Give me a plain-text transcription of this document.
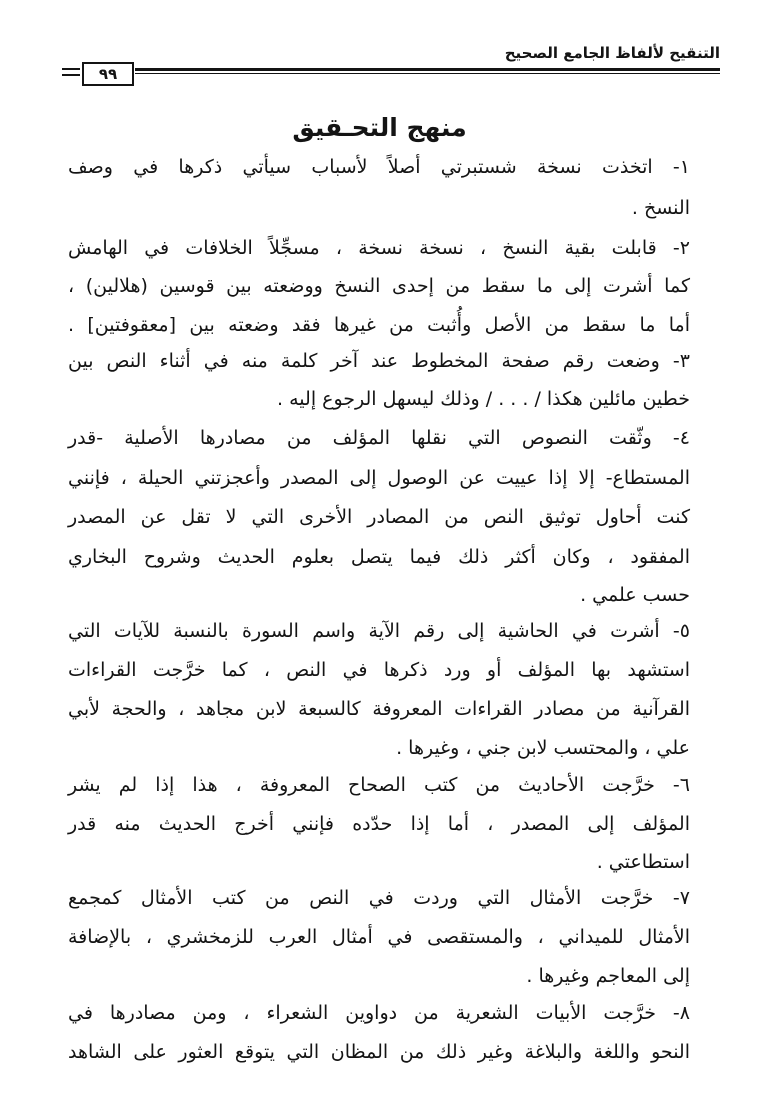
التنقيح لألفاظ الجامع الصحيح
٩٩
منهج التحـقيق
١- اتخذت نسخة شستبرتي أصلاً لأسباب سيأتي ذكرها في وصف
النسخ .
٢- قابلت بقية النسخ ، نسخة نسخة ، مسجِّلاً الخلافات في الهامش
كما أشرت إلى ما سقط من إحدى النسخ ووضعته بين قوسين (هلالين) ،
أما ما سقط من الأصل وأُثبت من غيرها فقد وضعته بين [معقوفتين] .
٣- وضعت رقم صفحة المخطوط عند آخر كلمة منه في أثناء النص بين
خطين مائلين هكذا / . . . / وذلك ليسهل الرجوع إليه .
٤- وثّقت النصوص التي نقلها المؤلف من مصادرها الأصلية -قدر
المستطاع- إلا إذا عييت عن الوصول إلى المصدر وأعجزتني الحيلة ، فإنني
كنت أحاول توثيق النص من المصادر الأخرى التي لا تقل عن المصدر
المفقود ، وكان أكثر ذلك فيما يتصل بعلوم الحديث وشروح البخاري
حسب علمي .
٥- أشرت في الحاشية إلى رقم الآية واسم السورة بالنسبة للآيات التي
استشهد بها المؤلف أو ورد ذكرها في النص ، كما خرَّجت القراءات
القرآنية من مصادر القراءات المعروفة كالسبعة لابن مجاهد ، والحجة لأبي
علي ، والمحتسب لابن جني ، وغيرها .
٦- خرَّجت الأحاديث من كتب الصحاح المعروفة ، هذا إذا لم يشر
المؤلف إلى المصدر ، أما إذا حدّده فإنني أخرج الحديث منه قدر
استطاعتي .
٧- خرَّجت الأمثال التي وردت في النص من كتب الأمثال كمجمع
الأمثال للميداني ، والمستقصى في أمثال العرب للزمخشري ، بالإضافة
إلى المعاجم وغيرها .
٨- خرَّجت الأبيات الشعرية من دواوين الشعراء ، ومن مصادرها في
النحو واللغة والبلاغة وغير ذلك من المظان التي يتوقع العثور على الشاهد
